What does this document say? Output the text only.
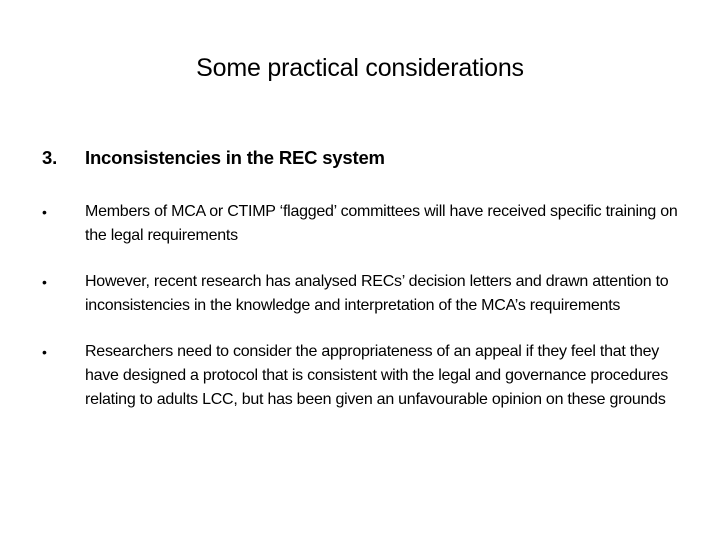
Some practical considerations
3. Inconsistencies in the REC system
•	Members of MCA or CTIMP ‘flagged’ committees will have received specific training on the legal requirements
•	However, recent research has analysed RECs’ decision letters and drawn attention to inconsistencies in the knowledge and interpretation of the MCA’s requirements
•	Researchers need to consider the appropriateness of an appeal if they feel that they have designed a protocol that is consistent with the legal and governance procedures relating to adults LCC, but has been given an unfavourable opinion on these grounds
